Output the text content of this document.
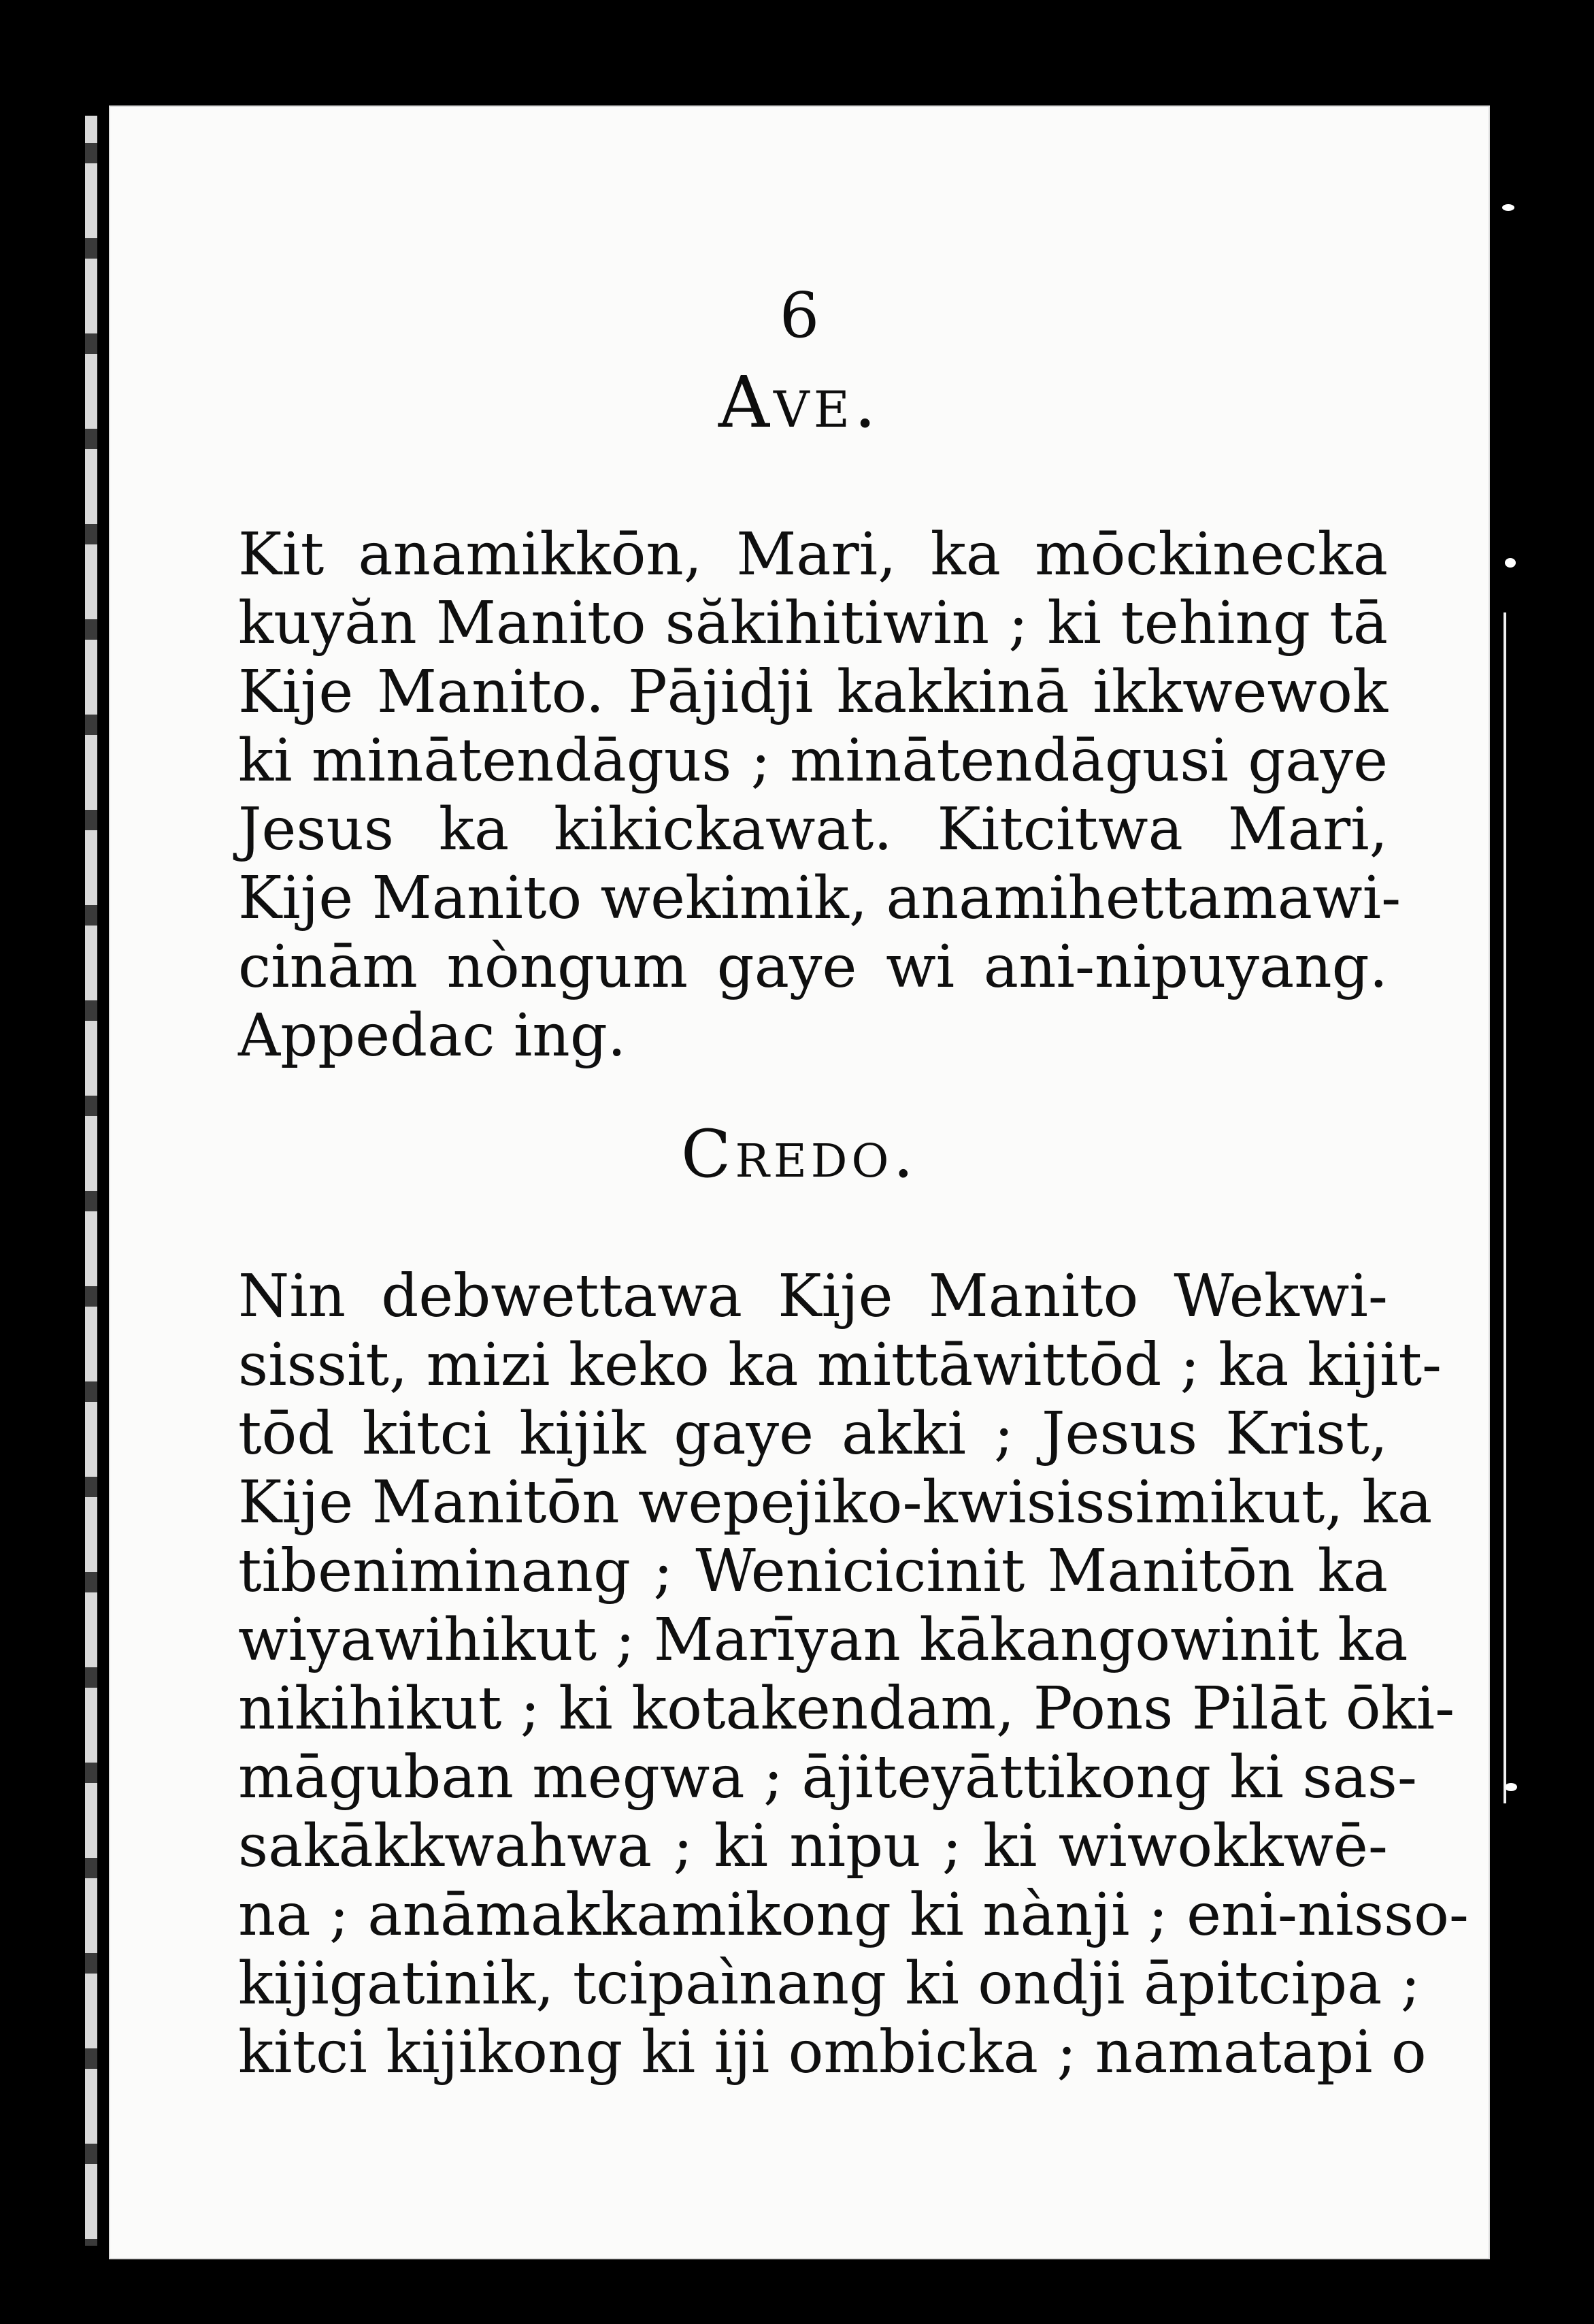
6
Ave.
Kit anamikkōn, Mari, ka mōckinecka
kuyăn Manito săkihitiwin ; ki tehing tā
Kije Manito. Pājidji kakkinā ikkwewok
ki minātendāgus ; minātendāgusi gaye
Jesus ka kikickawat. Kitcitwa Mari,
Kije Manito wekimik, anamihettamawi-
cinām nòngum gaye wi ani-nipuyang.
Appedac ing.
Credo.
Nin debwettawa Kije Manito Wekwi-
sissit, mizi keko ka mittāwittōd ; ka kijit-
tōd kitci kijik gaye akki ; Jesus Krist,
Kije Manitōn wepejiko-kwisissimikut, ka
tibeniminang ; Wenicicinit Manitōn ka
wiyawihikut ; Marīyan kākangowinit ka
nikihikut ; ki kotakendam, Pons Pilāt ōki-
māguban megwa ; ājiteyāttikong ki sas-
sakākkwahwa ; ki nipu ; ki wiwokkwē-
na ; anāmakkamikong ki nànji ; eni-nisso-
kijigatinik, tcipaìnang ki ondji āpitcipa ;
kitci kijikong ki iji ombicka ; namatapi o
